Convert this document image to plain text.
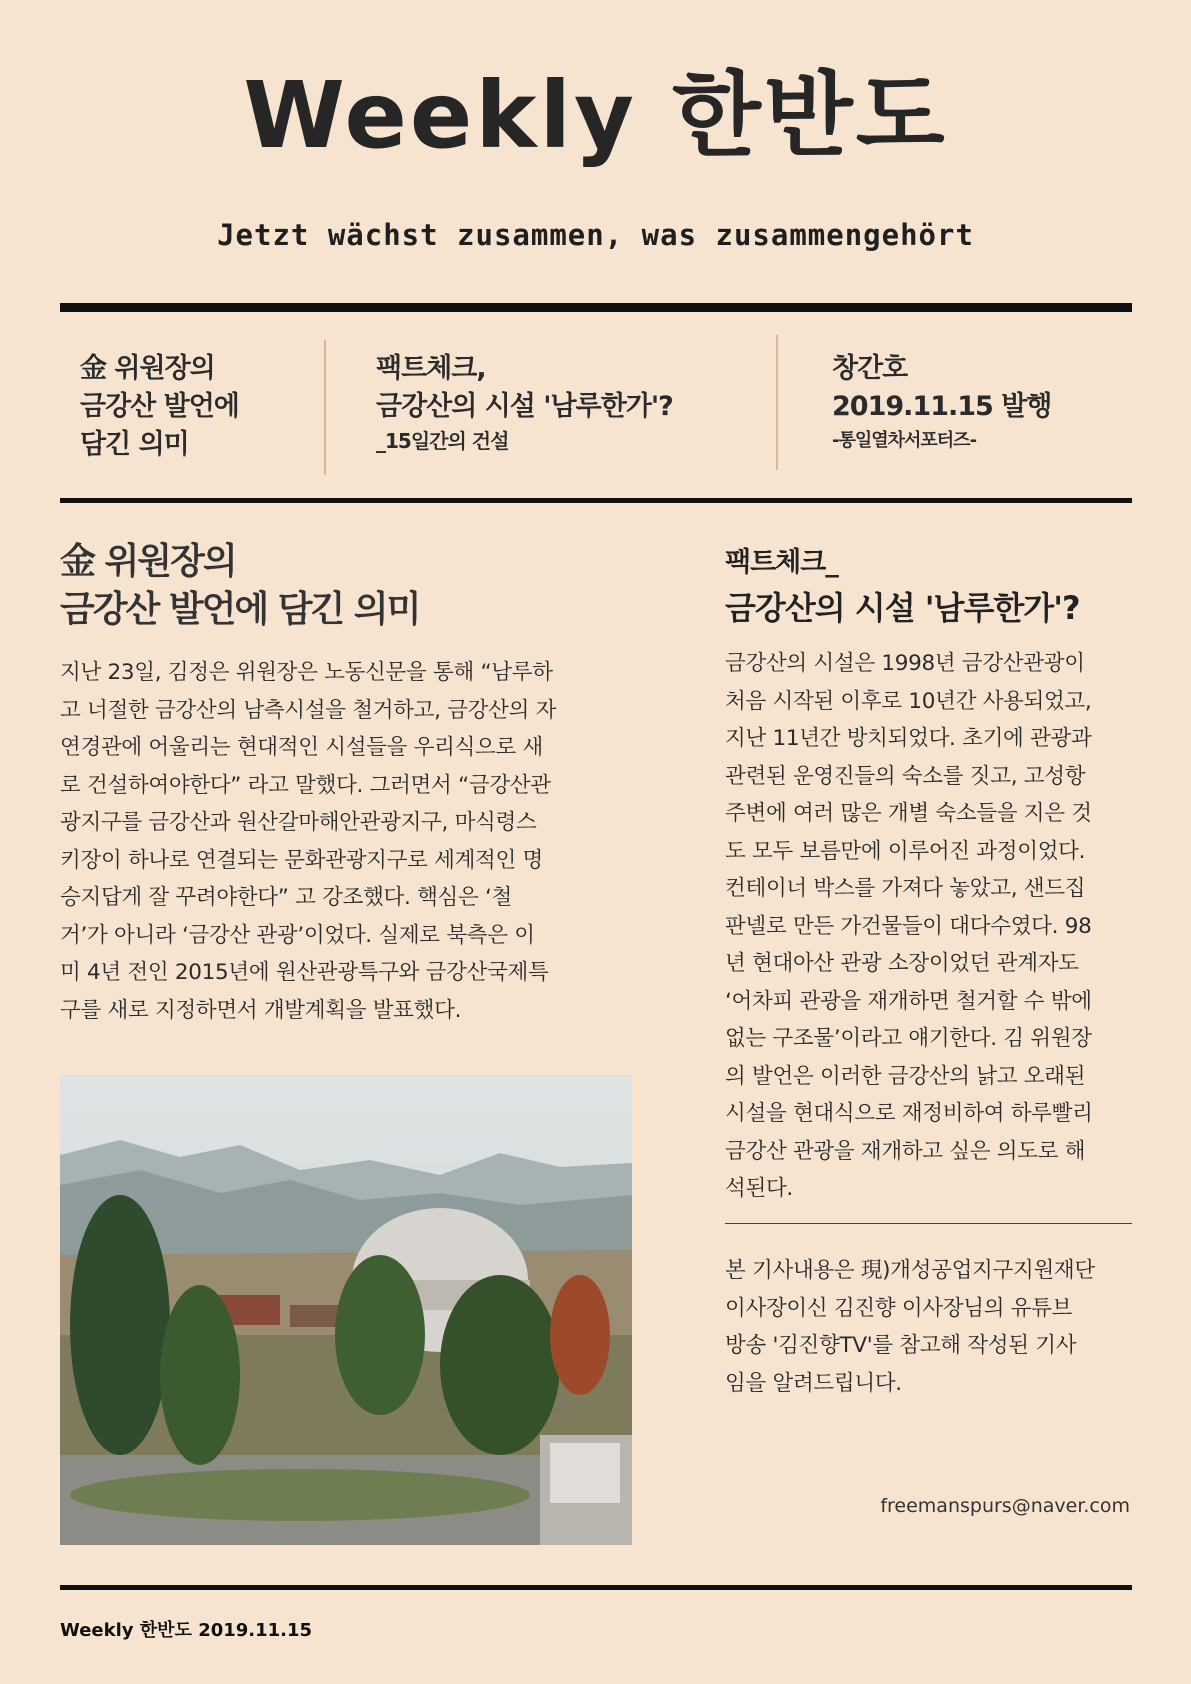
Weekly 한반도
Jetzt wächst zusammen, was zusammengehört
金 위원장의
금강산 발언에
담긴 의미
팩트체크,
금강산의 시설 '남루한가'?
_15일간의 건설
창간호
2019.11.15 발행
-통일열차서포터즈-
金 위원장의
금강산 발언에 담긴 의미
지난 23일, 김정은 위원장은 노동신문을 통해 “남루하
고 너절한 금강산의 남측시설을 철거하고, 금강산의 자
연경관에 어울리는 현대적인 시설들을 우리식으로 새
로 건설하여야한다” 라고 말했다. 그러면서 “금강산관
광지구를 금강산과 원산갈마해안관광지구, 마식령스
키장이 하나로 연결되는 문화관광지구로 세계적인 명
승지답게 잘 꾸려야한다” 고 강조했다. 핵심은 ‘철
거’가 아니라 ‘금강산 관광’이었다. 실제로 북측은 이
미 4년 전인 2015년에 원산관광특구와 금강산국제특
구를 새로 지정하면서 개발계획을 발표했다.
팩트체크_
금강산의 시설 '남루한가'?
금강산의 시설은 1998년 금강산관광이
처음 시작된 이후로 10년간 사용되었고,
지난 11년간 방치되었다. 초기에 관광과
관련된 운영진들의 숙소를 짓고, 고성항
주변에 여러 많은 개별 숙소들을 지은 것
도 모두 보름만에 이루어진 과정이었다.
컨테이너 박스를 가져다 놓았고, 샌드집
판넬로 만든 가건물들이 대다수였다. 98
년 현대아산 관광 소장이었던 관계자도
‘어차피 관광을 재개하면 철거할 수 밖에
없는 구조물’이라고 얘기한다. 김 위원장
의 발언은 이러한 금강산의 낡고 오래된
시설을 현대식으로 재정비하여 하루빨리
금강산 관광을 재개하고 싶은 의도로 해
석된다.
본 기사내용은 現)개성공업지구지원재단
이사장이신 김진향 이사장님의 유튜브
방송 '김진향TV'를 참고해 작성된 기사
임을 알려드립니다.
freemanspurs@naver.com
Weekly 한반도 2019.11.15
